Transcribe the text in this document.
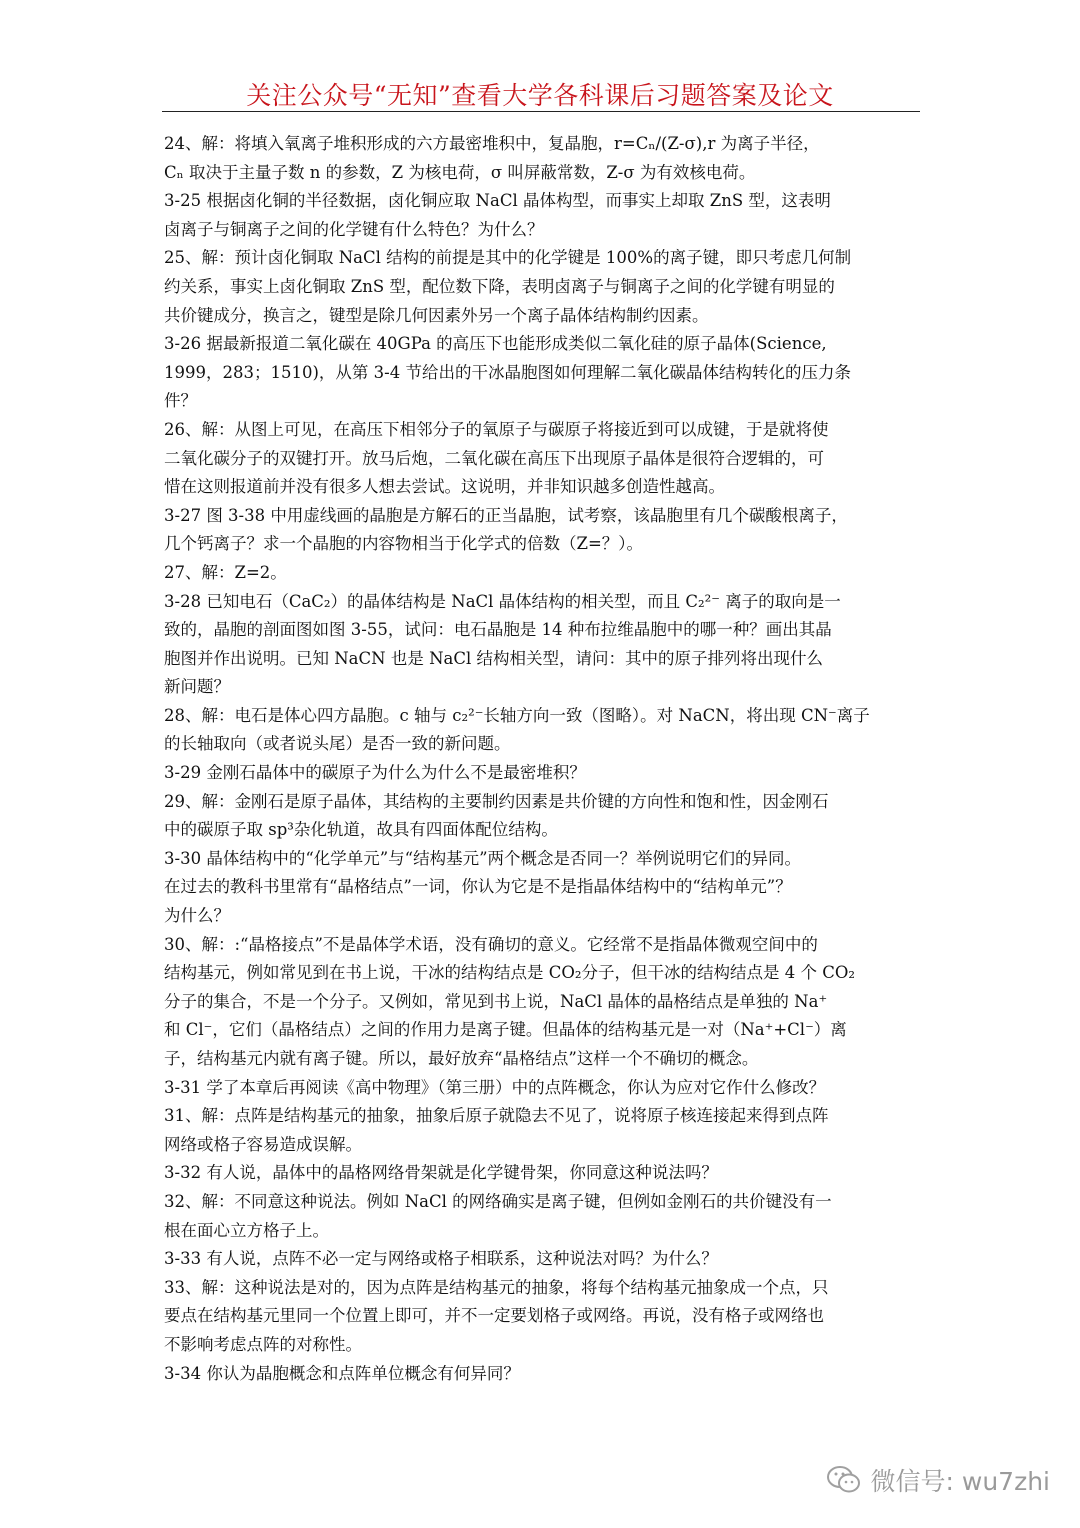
关注公众号“无知”查看大学各科课后习题答案及论文
24、解：将填入氧离子堆积形成的六方最密堆积中，复晶胞，r=Cₙ/(Z-σ),r 为离子半径，
Cₙ 取决于主量子数 n 的参数，Z 为核电荷，σ 叫屏蔽常数，Z-σ 为有效核电荷。
3-25 根据卤化铜的半径数据，卤化铜应取 NaCl 晶体构型，而事实上却取 ZnS 型，这表明
卤离子与铜离子之间的化学键有什么特色？为什么？
25、解：预计卤化铜取 NaCl 结构的前提是其中的化学键是 100%的离子键，即只考虑几何制
约关系，事实上卤化铜取 ZnS 型，配位数下降，表明卤离子与铜离子之间的化学键有明显的
共价键成分，换言之，键型是除几何因素外另一个离子晶体结构制约因素。
3-26 据最新报道二氧化碳在 40GPa 的高压下也能形成类似二氧化硅的原子晶体(Science,
1999，283；1510)，从第 3-4 节给出的干冰晶胞图如何理解二氧化碳晶体结构转化的压力条
件？
26、解：从图上可见，在高压下相邻分子的氧原子与碳原子将接近到可以成键，于是就将使
二氧化碳分子的双键打开。放马后炮，二氧化碳在高压下出现原子晶体是很符合逻辑的，可
惜在这则报道前并没有很多人想去尝试。这说明，并非知识越多创造性越高。
3-27 图 3-38 中用虚线画的晶胞是方解石的正当晶胞，试考察，该晶胞里有几个碳酸根离子，
几个钙离子？求一个晶胞的内容物相当于化学式的倍数（Z=？）。
27、解：Z=2。
3-28 已知电石（CaC₂）的晶体结构是 NaCl 晶体结构的相关型，而且 C₂²⁻ 离子的取向是一
致的，晶胞的剖面图如图 3-55，试问：电石晶胞是 14 种布拉维晶胞中的哪一种？画出其晶
胞图并作出说明。已知 NaCN 也是 NaCl 结构相关型，请问：其中的原子排列将出现什么
新问题？
28、解：电石是体心四方晶胞。c 轴与 c₂²⁻长轴方向一致（图略）。对 NaCN，将出现 CN⁻离子
的长轴取向（或者说头尾）是否一致的新问题。
3-29 金刚石晶体中的碳原子为什么为什么不是最密堆积？
29、解：金刚石是原子晶体，其结构的主要制约因素是共价键的方向性和饱和性，因金刚石
中的碳原子取 sp³杂化轨道，故具有四面体配位结构。
3-30 晶体结构中的“化学单元”与“结构基元”两个概念是否同一？举例说明它们的异同。
在过去的教科书里常有“晶格结点”一词，你认为它是不是指晶体结构中的“结构单元”？
为什么？
30、解：:“晶格接点”不是晶体学术语，没有确切的意义。它经常不是指晶体微观空间中的
结构基元，例如常见到在书上说，干冰的结构结点是 CO₂分子，但干冰的结构结点是 4 个 CO₂
分子的集合，不是一个分子。又例如，常见到书上说，NaCl 晶体的晶格结点是单独的 Na⁺
和 Cl⁻，它们（晶格结点）之间的作用力是离子键。但晶体的结构基元是一对（Na⁺+Cl⁻）离
子，结构基元内就有离子键。所以，最好放弃“晶格结点”这样一个不确切的概念。
3-31 学了本章后再阅读《高中物理》（第三册）中的点阵概念，你认为应对它作什么修改？
31、解：点阵是结构基元的抽象，抽象后原子就隐去不见了，说将原子核连接起来得到点阵
网络或格子容易造成误解。
3-32 有人说，晶体中的晶格网络骨架就是化学键骨架，你同意这种说法吗？
32、解：不同意这种说法。例如 NaCl 的网络确实是离子键，但例如金刚石的共价键没有一
根在面心立方格子上。
3-33 有人说，点阵不必一定与网络或格子相联系，这种说法对吗？为什么？
33、解：这种说法是对的，因为点阵是结构基元的抽象，将每个结构基元抽象成一个点，只
要点在结构基元里同一个位置上即可，并不一定要划格子或网络。再说，没有格子或网络也
不影响考虑点阵的对称性。
3-34 你认为晶胞概念和点阵单位概念有何异同？
微信号: wu7zhi
